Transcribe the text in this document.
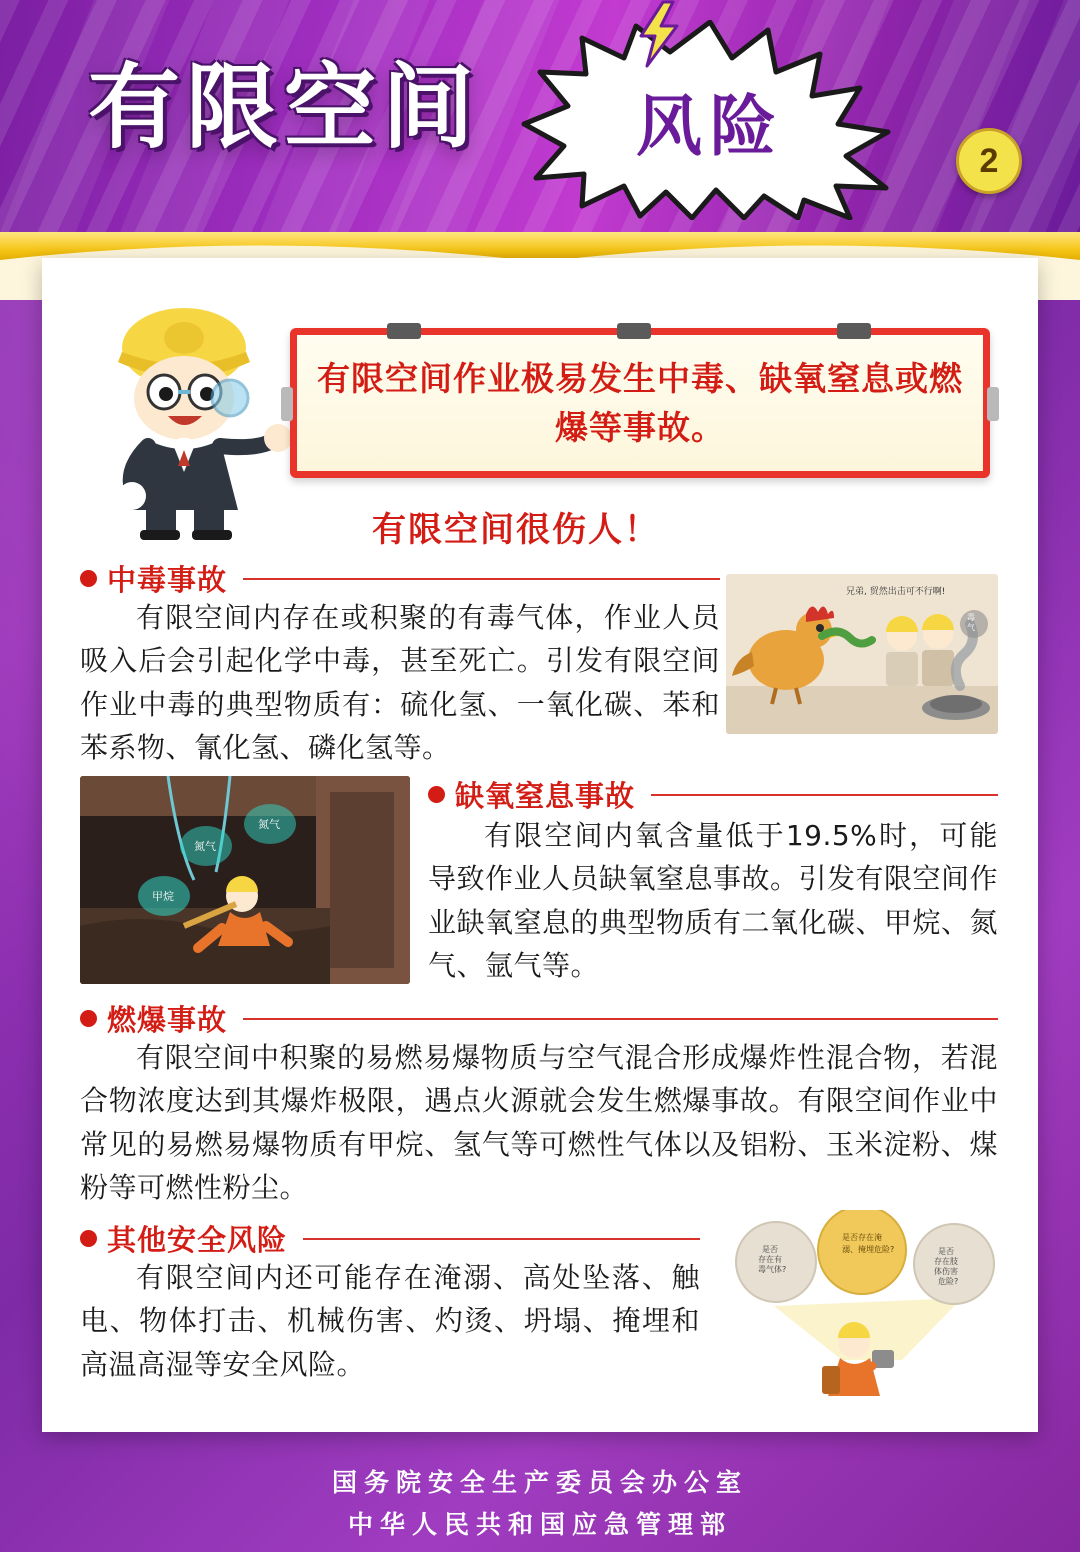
有限空间	风险	2
有限空间作业极易发生中毒、缺氧窒息或燃爆等事故。
有限空间很伤人！
中毒事故
有限空间内存在或积聚的有毒气体，作业人员吸入后会引起化学中毒，甚至死亡。引发有限空间作业中毒的典型物质有：硫化氢、一氧化碳、苯和苯系物、氰化氢、磷化氢等。
兄弟, 贸然出击可不行啊!
毒
气
甲烷
氮气
氮气
缺氧窒息事故
有限空间内氧含量低于19.5%时，可能导致作业人员缺氧窒息事故。引发有限空间作业缺氧窒息的典型物质有二氧化碳、甲烷、氮气、氩气等。
燃爆事故
有限空间中积聚的易燃易爆物质与空气混合形成爆炸性混合物，若混合物浓度达到其爆炸极限，遇点火源就会发生燃爆事故。有限空间作业中常见的易燃易爆物质有甲烷、氢气等可燃性气体以及铝粉、玉米淀粉、煤粉等可燃性粉尘。
其他安全风险
有限空间内还可能存在淹溺、高处坠落、触电、物体打击、机械伤害、灼烫、坍塌、掩埋和高温高湿等安全风险。
是否
存在有
毒气体?
是否存在淹
溺、掩埋危险?	是否
存在肢
体伤害
危险?
国务院安全生产委员会办公室
中华人民共和国应急管理部
